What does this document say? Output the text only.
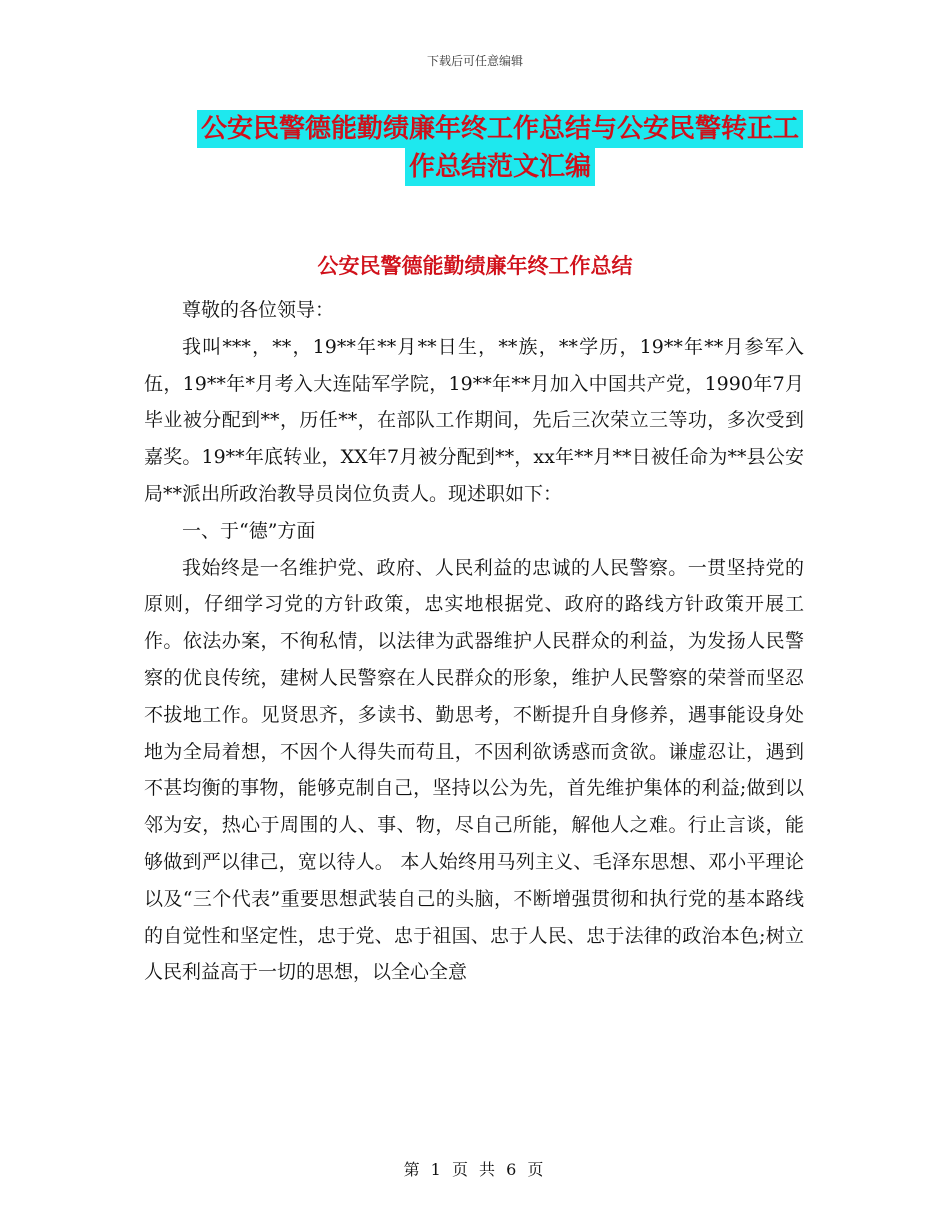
下载后可任意编辑
公安民警德能勤绩廉年终工作总结与公安民警转正工
作总结范文汇编
公安民警德能勤绩廉年终工作总结

尊敬的各位领导：

我叫***，**，19**年**月**日生，**族，**学历，19**年**月参军入伍，19**年*月考入大连陆军学院，19**年**月加入中国共产党，1990年7月毕业被分配到**，历任**，在部队工作期间，先后三次荣立三等功，多次受到嘉奖。19**年底转业，XX年7月被分配到**，xx年**月**日被任命为**县公安局**派出所政治教导员岗位负责人。现述职如下：

一、于“德”方面

我始终是一名维护党、政府、人民利益的忠诚的人民警察。一贯坚持党的原则，仔细学习党的方针政策，忠实地根据党、政府的路线方针政策开展工作。依法办案，不徇私情，以法律为武器维护人民群众的利益，为发扬人民警察的优良传统，建树人民警察在人民群众的形象，维护人民警察的荣誉而坚忍不拔地工作。见贤思齐，多读书、勤思考，不断提升自身修养，遇事能设身处地为全局着想，不因个人得失而苟且，不因利欲诱惑而贪欲。谦虚忍让，遇到不甚均衡的事物，能够克制自己，坚持以公为先，首先维护集体的利益;做到以邻为安，热心于周围的人、事、物，尽自己所能，解他人之难。行止言谈，能够做到严以律己，宽以待人。 本人始终用马列主义、毛泽东思想、邓小平理论以及“三个代表”重要思想武装自己的头脑，不断增强贯彻和执行党的基本路线的自觉性和坚定性，忠于党、忠于祖国、忠于人民、忠于法律的政治本色;树立人民利益高于一切的思想，以全心全意

第 1 页 共 6 页
